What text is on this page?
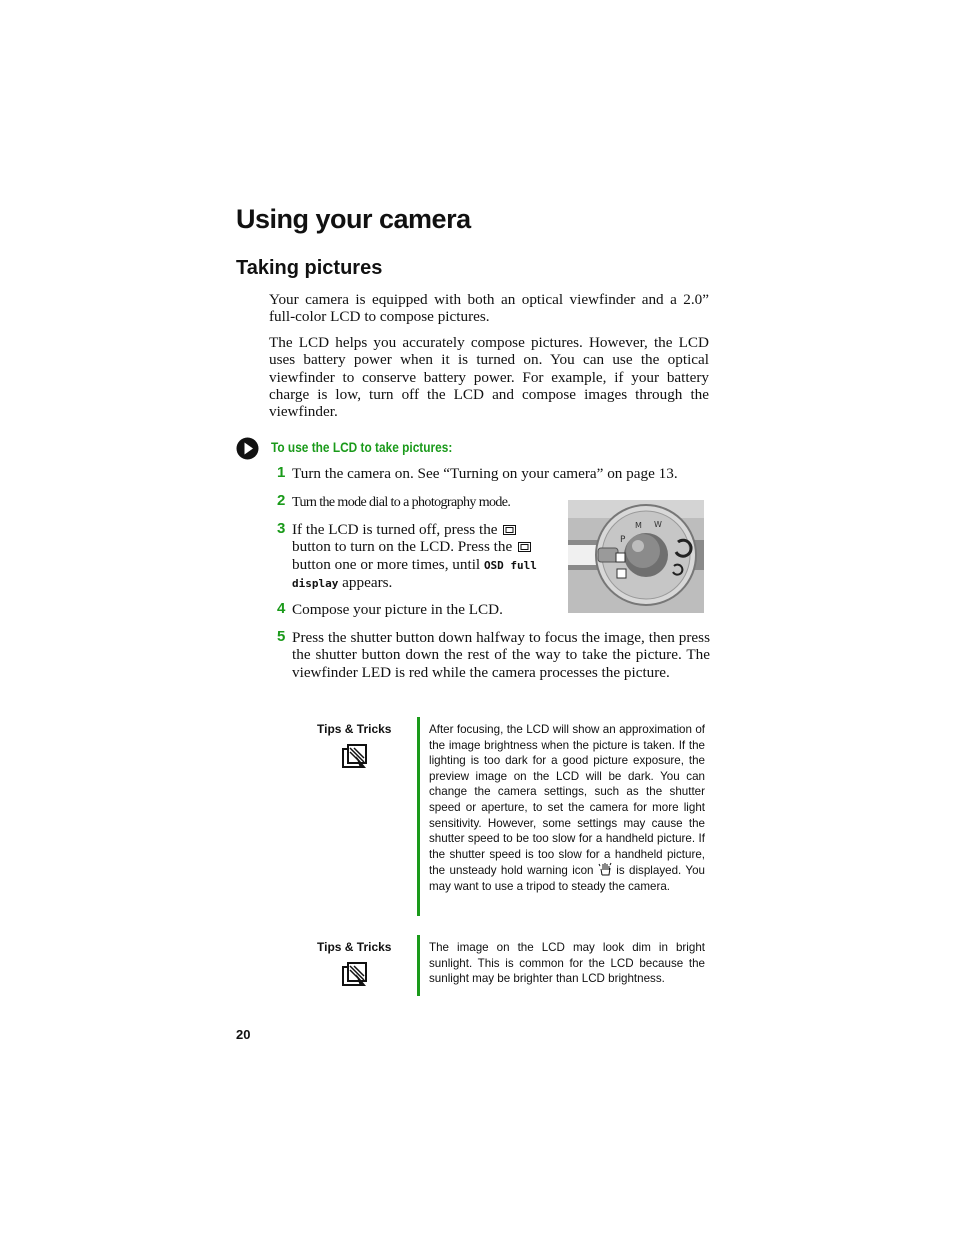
Using your camera
Taking pictures

Your camera is equipped with both an optical viewfinder and a 2.0” full-color LCD to compose pictures.

The LCD helps you accurately compose pictures. However, the LCD uses battery power when it is turned on. You can use the optical viewfinder to conserve battery power. For example, if your battery charge is low, turn off the LCD and compose images through the viewfinder.

To use the LCD to take pictures:
1 Turn the camera on. See “Turning on your camera” on page 13.
2 Turn the mode dial to a photography mode.
3 If the LCD is turned off, press the
button to turn on the LCD. Press the
button one or more times, until OSD full display appears.
P
M W
4 Compose your picture in the LCD.
5 Press the shutter button down halfway to focus the image, then press the shutter button down the rest of the way to take the picture. The viewfinder LED is red while the camera processes the picture.
Tips & Tricks	After focusing, the LCD will show an approximation of the image brightness when the picture is taken. If the lighting is too dark for a good picture exposure, the preview image on the LCD will be dark. You can change the camera settings, such as the shutter speed or aperture, to set the camera for more light sensitivity. However, some settings may cause the shutter speed to be too slow for a handheld picture. If the shutter speed is too slow for a handheld picture, the unsteady hold warning icon is displayed. You may want to use a tripod to steady the camera.
Tips & Tricks	The image on the LCD may look dim in bright sunlight. This is common for the LCD because the sunlight may be brighter than LCD brightness.
20
